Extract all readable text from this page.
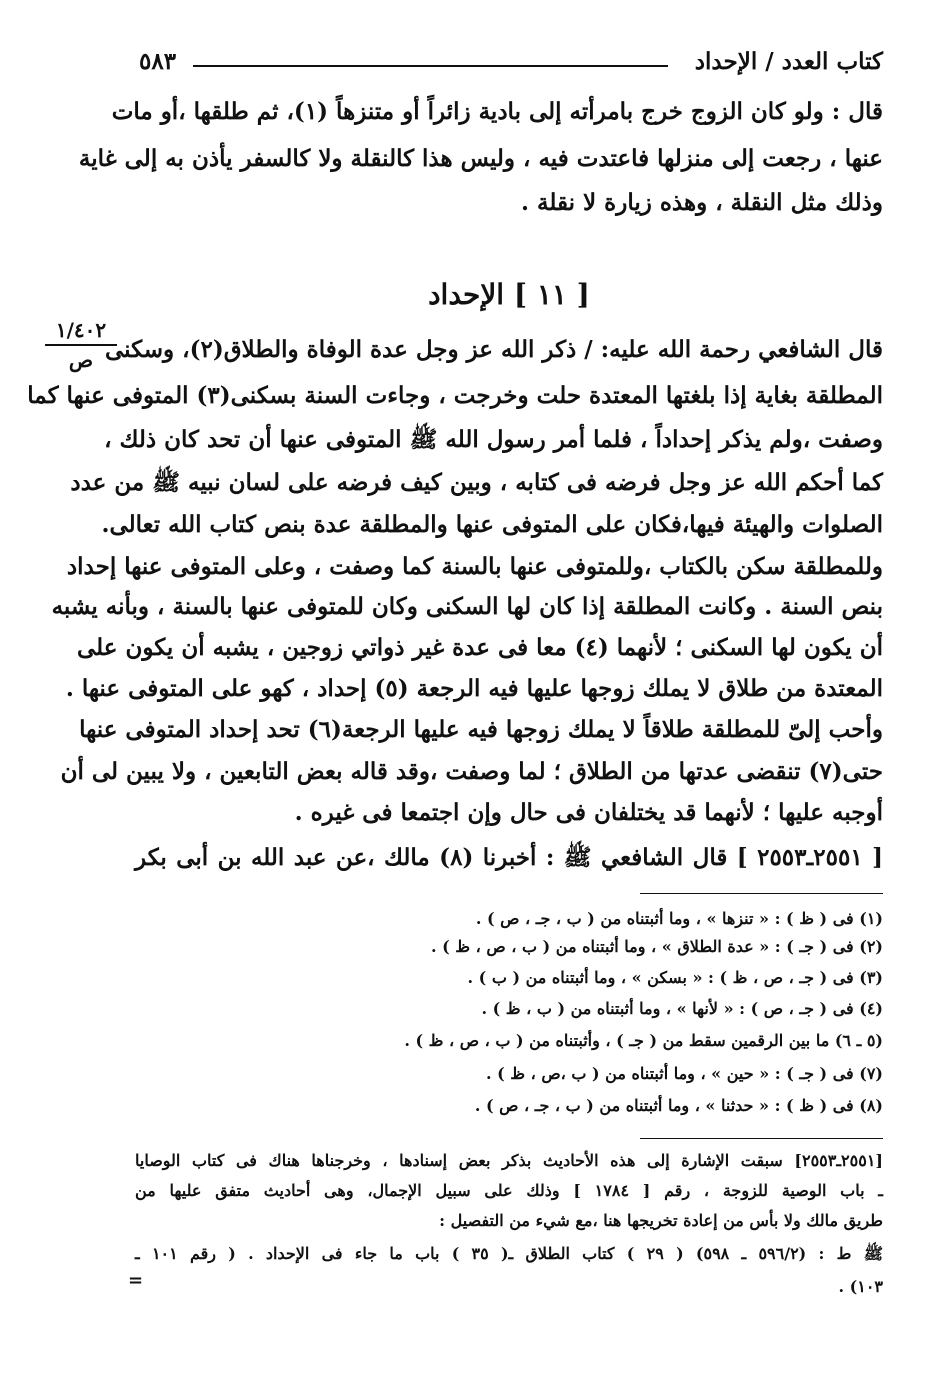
كتاب العدد / الإحداد
٥٨٣
قال : ولو كان الزوج خرج بامرأته إلى بادية زائراً أو متنزهاً (١)، ثم طلقها ،أو مات
عنها ، رجعت إلى منزلها فاعتدت فيه ، وليس هذا كالنقلة ولا كالسفر يأذن به إلى غاية
وذلك مثل النقلة ، وهذه زيارة لا نقلة .
[ ١١ ] الإحداد
١/٤٠٢
ص قال الشافعي رحمة الله عليه: / ذكر الله عز وجل عدة الوفاة والطلاق(٢)، وسكنى
المطلقة بغاية إذا بلغتها المعتدة حلت وخرجت ، وجاءت السنة بسكنى(٣) المتوفى عنها كما
وصفت ،ولم يذكر إحداداً ، فلما أمر رسول الله ﷺ المتوفى عنها أن تحد كان ذلك ،
كما أحكم الله عز وجل فرضه فى كتابه ، وبين كيف فرضه على لسان نبيه ﷺ من عدد
الصلوات والهيئة فيها،فكان على المتوفى عنها والمطلقة عدة بنص كتاب الله تعالى.
وللمطلقة سكن بالكتاب ،وللمتوفى عنها بالسنة كما وصفت ، وعلى المتوفى عنها إحداد
بنص السنة . وكانت المطلقة إذا كان لها السكنى وكان للمتوفى عنها بالسنة ، وبأنه يشبه
أن يكون لها السكنى ؛ لأنهما (٤) معا فى عدة غير ذواتي زوجين ، يشبه أن يكون على
المعتدة من طلاق لا يملك زوجها عليها فيه الرجعة (٥) إحداد ، كهو على المتوفى عنها .
وأحب إلىّ للمطلقة طلاقاً لا يملك زوجها فيه عليها الرجعة(٦) تحد إحداد المتوفى عنها
حتى(٧) تنقضى عدتها من الطلاق ؛ لما وصفت ،وقد قاله بعض التابعين ، ولا يبين لى أن
أوجبه عليها ؛ لأنهما قد يختلفان فى حال وإن اجتمعا فى غيره .
[ ٢٥٥١ـ٢٥٥٣ ] قال الشافعي ﷺ : أخبرنا (٨) مالك ،عن عبد الله بن أبى بكر
(١) فى ( ظ ) : « تنزها » ، وما أثبتناه من ( ب ، جـ ، ص ) .
(٢) فى ( جـ ) : « عدة الطلاق » ، وما أثبتناه من ( ب ، ص ، ظ ) .
(٣) فى ( جـ ، ص ، ظ ) : « بسكن » ، وما أثبتناه من ( ب ) .
(٤) فى ( جـ ، ص ) : « لأنها » ، وما أثبتناه من ( ب ، ظ ) .
(٥ ـ ٦) ما بين الرقمين سقط من ( جـ ) ، وأثبتناه من ( ب ، ص ، ظ ) .
(٧) فى ( جـ ) : « حين » ، وما أثبتناه من ( ب ،ص ، ظ ) .
(٨) فى ( ظ ) : « حدثنا » ، وما أثبتناه من ( ب ، جـ ، ص ) .
[٢٥٥١ـ٢٥٥٣] سبقت الإشارة إلى هذه الأحاديث بذكر بعض إسنادها ، وخرجناها هناك فى كتاب الوصايا
ـ باب الوصية للزوجة ، رقم [ ١٧٨٤ ] وذلك على سبيل الإجمال، وهى أحاديث متفق عليها من
طريق مالك ولا بأس من إعادة تخريجها هنا ،مع شيء من التفصيل :
ﷺ ط : (٥٩٦/٢ ـ ٥٩٨) ( ٢٩ ) كتاب الطلاق ـ( ٣٥ ) باب ما جاء فى الإحداد . ( رقم ١٠١ ـ
١٠٣) .
=
